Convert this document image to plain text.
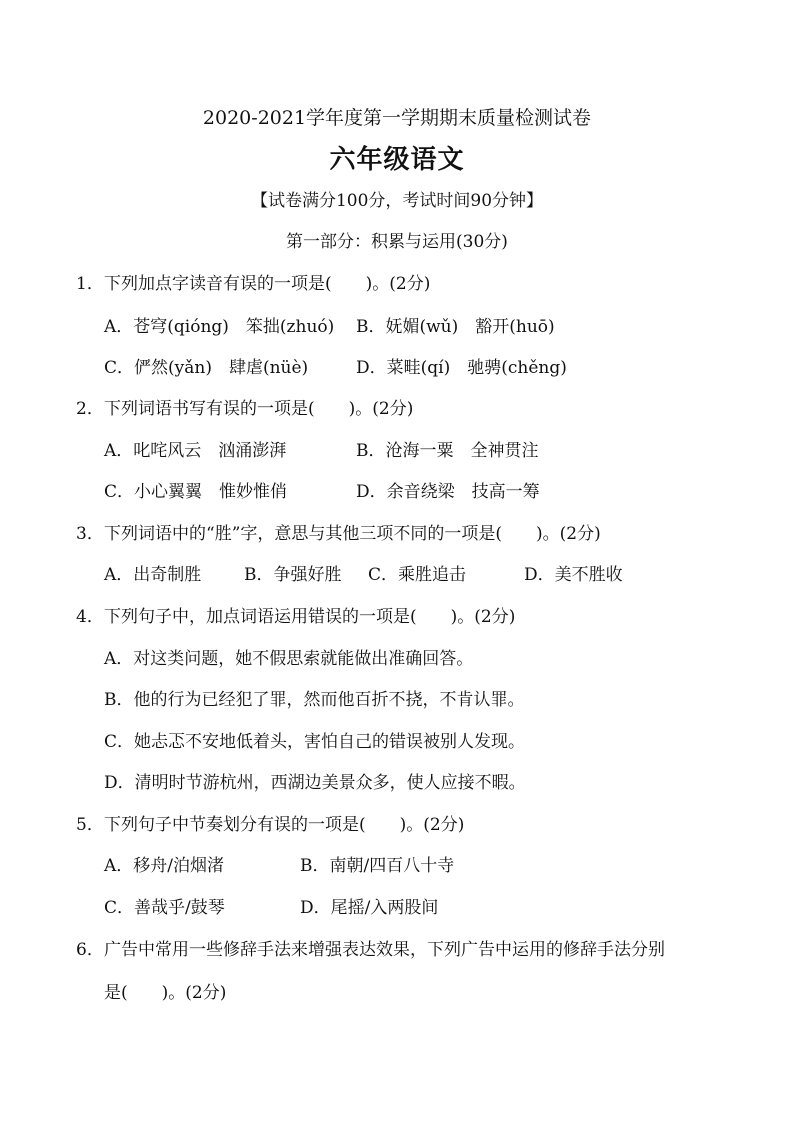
2020-2021学年度第一学期期末质量检测试卷
六年级语文
【试卷满分100分，考试时间90分钟】
第一部分：积累与运用(30分)
1．下列加点字读音有误的一项是(　　)。(2分)
A．苍穹(qióng)　笨拙(zhuó) B．妩媚(wǔ)　豁开(huō)
C．俨然(yǎn)　肆虐(nüè)	D．菜畦(qí)　驰骋(chěng)
2．下列词语书写有误的一项是(　　)。(2分)
A．叱咤风云　汹涌澎湃	B．沧海一粟　全神贯注
C．小心翼翼　惟妙惟俏	D．余音绕梁　技高一筹
3．下列词语中的“胜”字，意思与其他三项不同的一项是(　　)。(2分)
A．出奇制胜	B．争强好胜 C．乘胜追击	D．美不胜收
4．下列句子中，加点词语运用错误的一项是(　　)。(2分)
A．对这类问题，她不假思索就能做出准确回答。
B．他的行为已经犯了罪，然而他百折不挠，不肯认罪。
C．她忐忑不安地低着头，害怕自己的错误被别人发现。
D．清明时节游杭州，西湖边美景众多，使人应接不暇。
5．下列句子中节奏划分有误的一项是(　　)。(2分)
A．移舟/泊烟渚	B．南朝/四百八十寺
C．善哉乎/鼓琴	D．尾摇/入两股间
6．广告中常用一些修辞手法来增强表达效果，下列广告中运用的修辞手法分别
是(　　)。(2分)
